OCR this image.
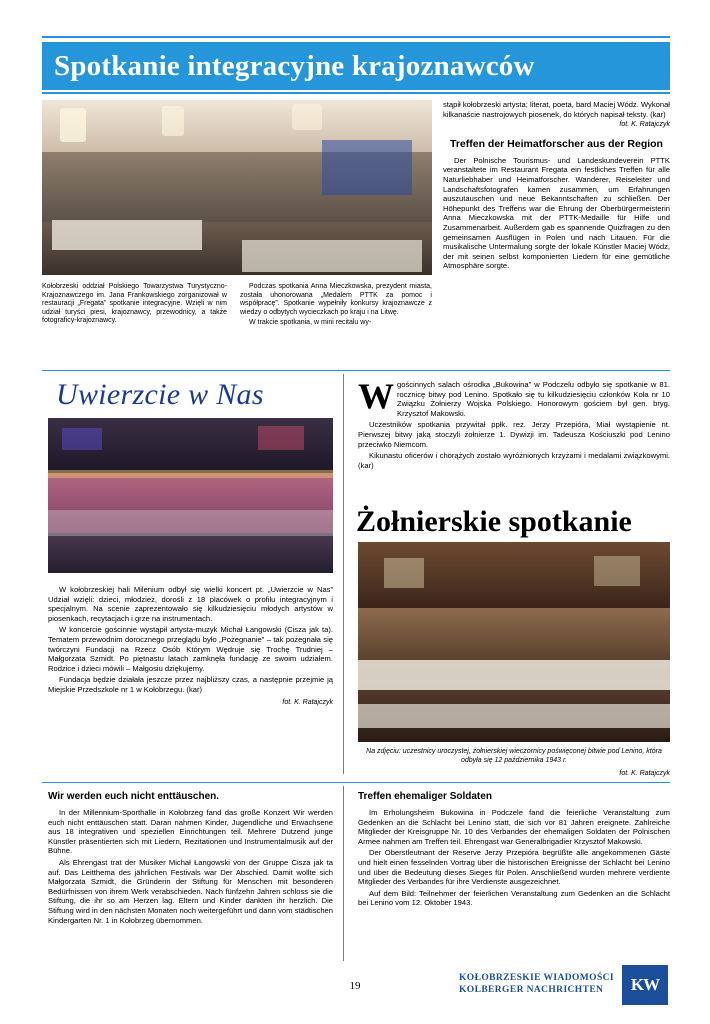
Spotkanie integracyjne krajoznawców
Kołobrzeski oddział Polskiego Towarzystwa Turystyczno-Krajoznawczego im. Jana Frankowskiego zorganizował w restauracji „Fregata” spotkanie integracyjne. Wzięli w nim udział turyści piesi, krajoznawcy, przewodnicy, a także fotograficy-krajoznawcy.

Podczas spotkania Anna Mieczkowska, prezydent miasta, została uhonorowana „Medalem PTTK za pomoc i współpracę”. Spotkanie wypełniły konkursy krajoznawcze z wiedzy o odbytych wycieczkach po kraju i na Litwę.

W trakcie spotkania, w mini recitalu wy-

stąpił kołobrzeski artysta; literat, poeta, bard Maciej Wódz. Wykonał kilkanaście nastrojowych piosenek, do których napisał teksty. (kar)

fot. K. Ratajczyk

Treffen der Heimatforscher aus der Region

Der Polnische Tourismus- und Landeskundeverein PTTK veranstaltete im Restaurant Fregata ein festliches Treffen für alle Naturliebhaber und Heimatforscher. Wanderer, Reiseleiter und Landschaftsfotografen kamen zusammen, um Erfahrungen auszutauschen und neue Bekanntschaften zu schließen. Der Höhepunkt des Treffens war die Ehrung der Oberbürgermeisterin Anna Mieczkowska mit der PTTK-Medaille für Hilfe und Zusammenarbeit. Außerdem gab es spannende Quizfragen zu den gemeinsamen Ausflügen in Polen und nach Litauen. Für die musikalische Untermalung sorgte der lokale Künstler Maciej Wódz, der mit seinen selbst komponierten Liedern für eine gemütliche Atmosphäre sorgte.

Uwierzcie w Nas

W kołobrzeskiej hali Milenium odbył się wielki koncert pt. „Uwierzcie w Nas” Udział wzięli: dzieci, młodzież, dorośli z 18 placówek o profilu integracyjnym i specjalnym. Na scenie zaprezentowało się kilkudziesięciu młodych artystów w piosenkach, recytacjach i grze na instrumentach.

W koncercie gościnnie wystąpił artysta-muzyk Michał Łangowski (Cisza jak ta). Tematem przewodnim dorocznego przeglądu było „Pożegnanie” – tak pożegnała się twórczyni Fundacji na Rzecz Osób Którym Wędruje się Trochę Trudniej – Małgorzata Szmidt. Po piętnastu latach zamknęła fundację ze swoim udziałem. Rodzice i dzieci mówili – Małgosiu dziękujemy.

Fundacja będzie działała jeszcze przez najbliższy czas, a następnie przejmie ją Miejskie Przedszkole nr 1 w Kołobrzegu. (kar)

fot. K. Ratajczyk

W gościnnych salach ośrodka „Bukowina” w Podczelu odbyło się spotkanie w 81. rocznicę bitwy pod Lenino. Spotkało się tu kilkudziesięciu członków Koła nr 10 Związku Żołnierzy Wojska Polskiego. Honorowym gościem był gen. bryg. Krzysztof Makowski.

Uczestników spotkania przywitał ppłk. rez. Jerzy Przepióra, Miał wystąpienie nt. Pierwszej bitwy jaką stoczyli żołnierze 1. Dywizji im. Tadeusza Kościuszki pod Lenino przeciwko Niemcom.

Kikunastu oficerów i chorążych zostało wyróżnionych krzyżami i medalami związkowymi. (kar)

Żołnierskie spotkanie
Na zdjęciu: uczestnicy uroczystej, żołnierskiej wieczornicy poświęconej bitwie pod Lenino, która odbyła się 12 października 1943 r.
fot. K. Ratajczyk
Wir werden euch nicht enttäuschen.

In der Millennium-Sporthalle in Kołobrzeg fand das große Konzert Wir werden euch nicht enttäuschen statt. Daran nahmen Kinder, Jugendliche und Erwachsene aus 18 integrativen und speziellen Einrichtungen teil. Mehrere Dutzend junge Künstler präsentierten sich mit Liedern, Rezitationen und Instrumentalmusik auf der Bühne.

Als Ehrengast trat der Musiker Michał Łangowski von der Gruppe Cisza jak ta auf. Das Leitthema des jährlichen Festivals war Der Abschied. Damit wollte sich Małgorzata Szmidt, die Gründerin der Stiftung für Menschen mit besonderen Bedürfnissen von ihrem Werk verabschieden. Nach fünfzehn Jahren schloss sie die Stiftung, die ihr so am Herzen lag. Eltern und Kinder dankten ihr herzlich. Die Stiftung wird in den nächsten Monaten noch weitergeführt und dann vom städtischen Kindergarten Nr. 1 in Kołobrzeg übernommen.

Treffen ehemaliger Soldaten

Im Erholungsheim Bukowina in Podczele fand die feierliche Veranstaltung zum Gedenken an die Schlacht bei Lenino statt, die sich vor 81 Jahren ereignete. Zahlreiche Mitglieder der Kreisgruppe Nr. 10 des Verbandes der ehemaligen Soldaten der Polnischen Armee nahmen am Treffen teil. Ehrengast war Generalbrigadier Krzysztof Makowski.

Der Oberstleutnant der Reserve Jerzy Przepióra begrüßte alle angekommenen Gäste und hielt einen fesselnden Vortrag über die historischen Ereignisse der Schlacht bei Lenino und über die Bedeutung dieses Sieges für Polen. Anschließend wurden mehrere verdiente Mitglieder des Verbandes für ihre Verdienste ausgezeichnet.

Auf dem Bild: Teilnehmer der feierlichen Veranstaltung zum Gedenken an die Schlacht bei Lenino vom 12. Oktober 1943.

19
KOŁOBRZESKIE WIADOMOŚCI
KOLBERGER NACHRICHTEN	KW
